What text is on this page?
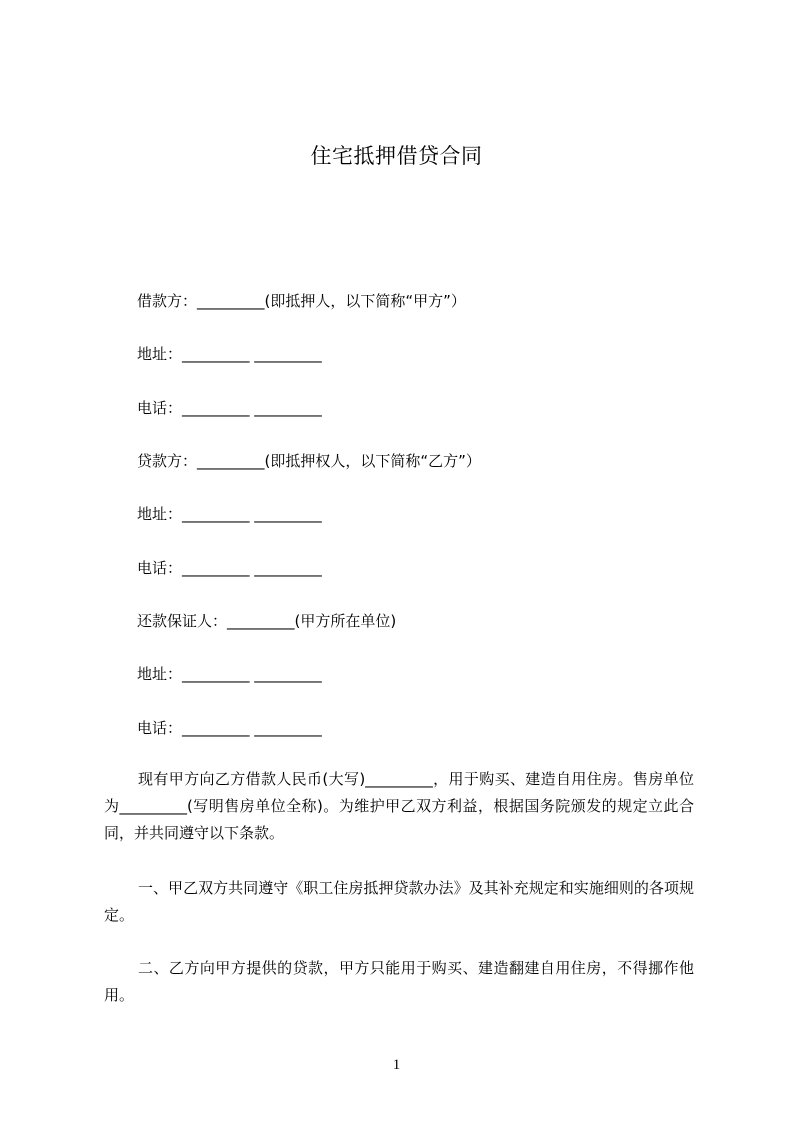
住宅抵押借贷合同
借款方：_________(即抵押人，以下简称“甲方”）
地址：_________ _________
电话：_________ _________
贷款方：_________(即抵押权人，以下简称“乙方”）
地址：_________ _________
电话：_________ _________
还款保证人：_________(甲方所在单位)
地址：_________ _________
电话：_________ _________
现有甲方向乙方借款人民币(大写)_________，用于购买、建造自用住房。售房单位为_________(写明售房单位全称)。为维护甲乙双方利益，根据国务院颁发的规定立此合同，并共同遵守以下条款。
一、甲乙双方共同遵守《职工住房抵押贷款办法》及其补充规定和实施细则的各项规定。
二、乙方向甲方提供的贷款，甲方只能用于购买、建造翻建自用住房，不得挪作他用。
1
